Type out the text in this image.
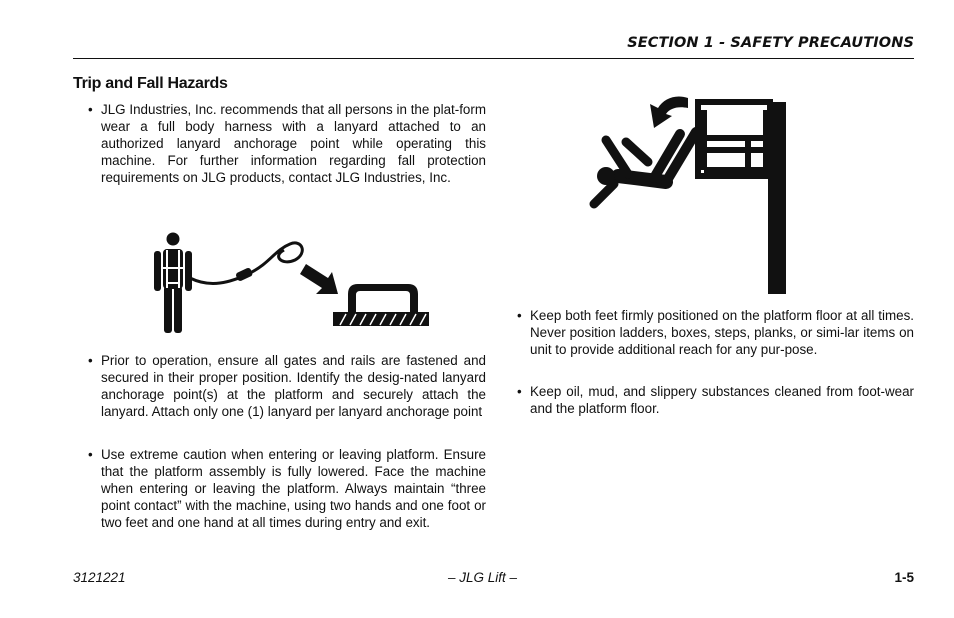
SECTION 1 - SAFETY PRECAUTIONS
Trip and Fall Hazards
• JLG Industries, Inc. recommends that all persons in the plat-form wear a full body harness with a lanyard attached to an authorized lanyard anchorage point while operating this machine. For further information regarding fall protection requirements on JLG products, contact JLG Industries, Inc.
• Prior to operation, ensure all gates and rails are fastened and secured in their proper position. Identify the desig-nated lanyard anchorage point(s) at the platform and securely attach the lanyard. Attach only one (1) lanyard per lanyard anchorage point
• Use extreme caution when entering or leaving platform. Ensure that the platform assembly is fully lowered. Face the machine when entering or leaving the platform. Always maintain “three point contact” with the machine, using two hands and one foot or two feet and one hand at all times during entry and exit.
• Keep both feet firmly positioned on the platform floor at all times. Never position ladders, boxes, steps, planks, or simi-lar items on unit to provide additional reach for any pur-pose.
• Keep oil, mud, and slippery substances cleaned from foot-wear and the platform floor.
3121221	– JLG Lift –	1-5
